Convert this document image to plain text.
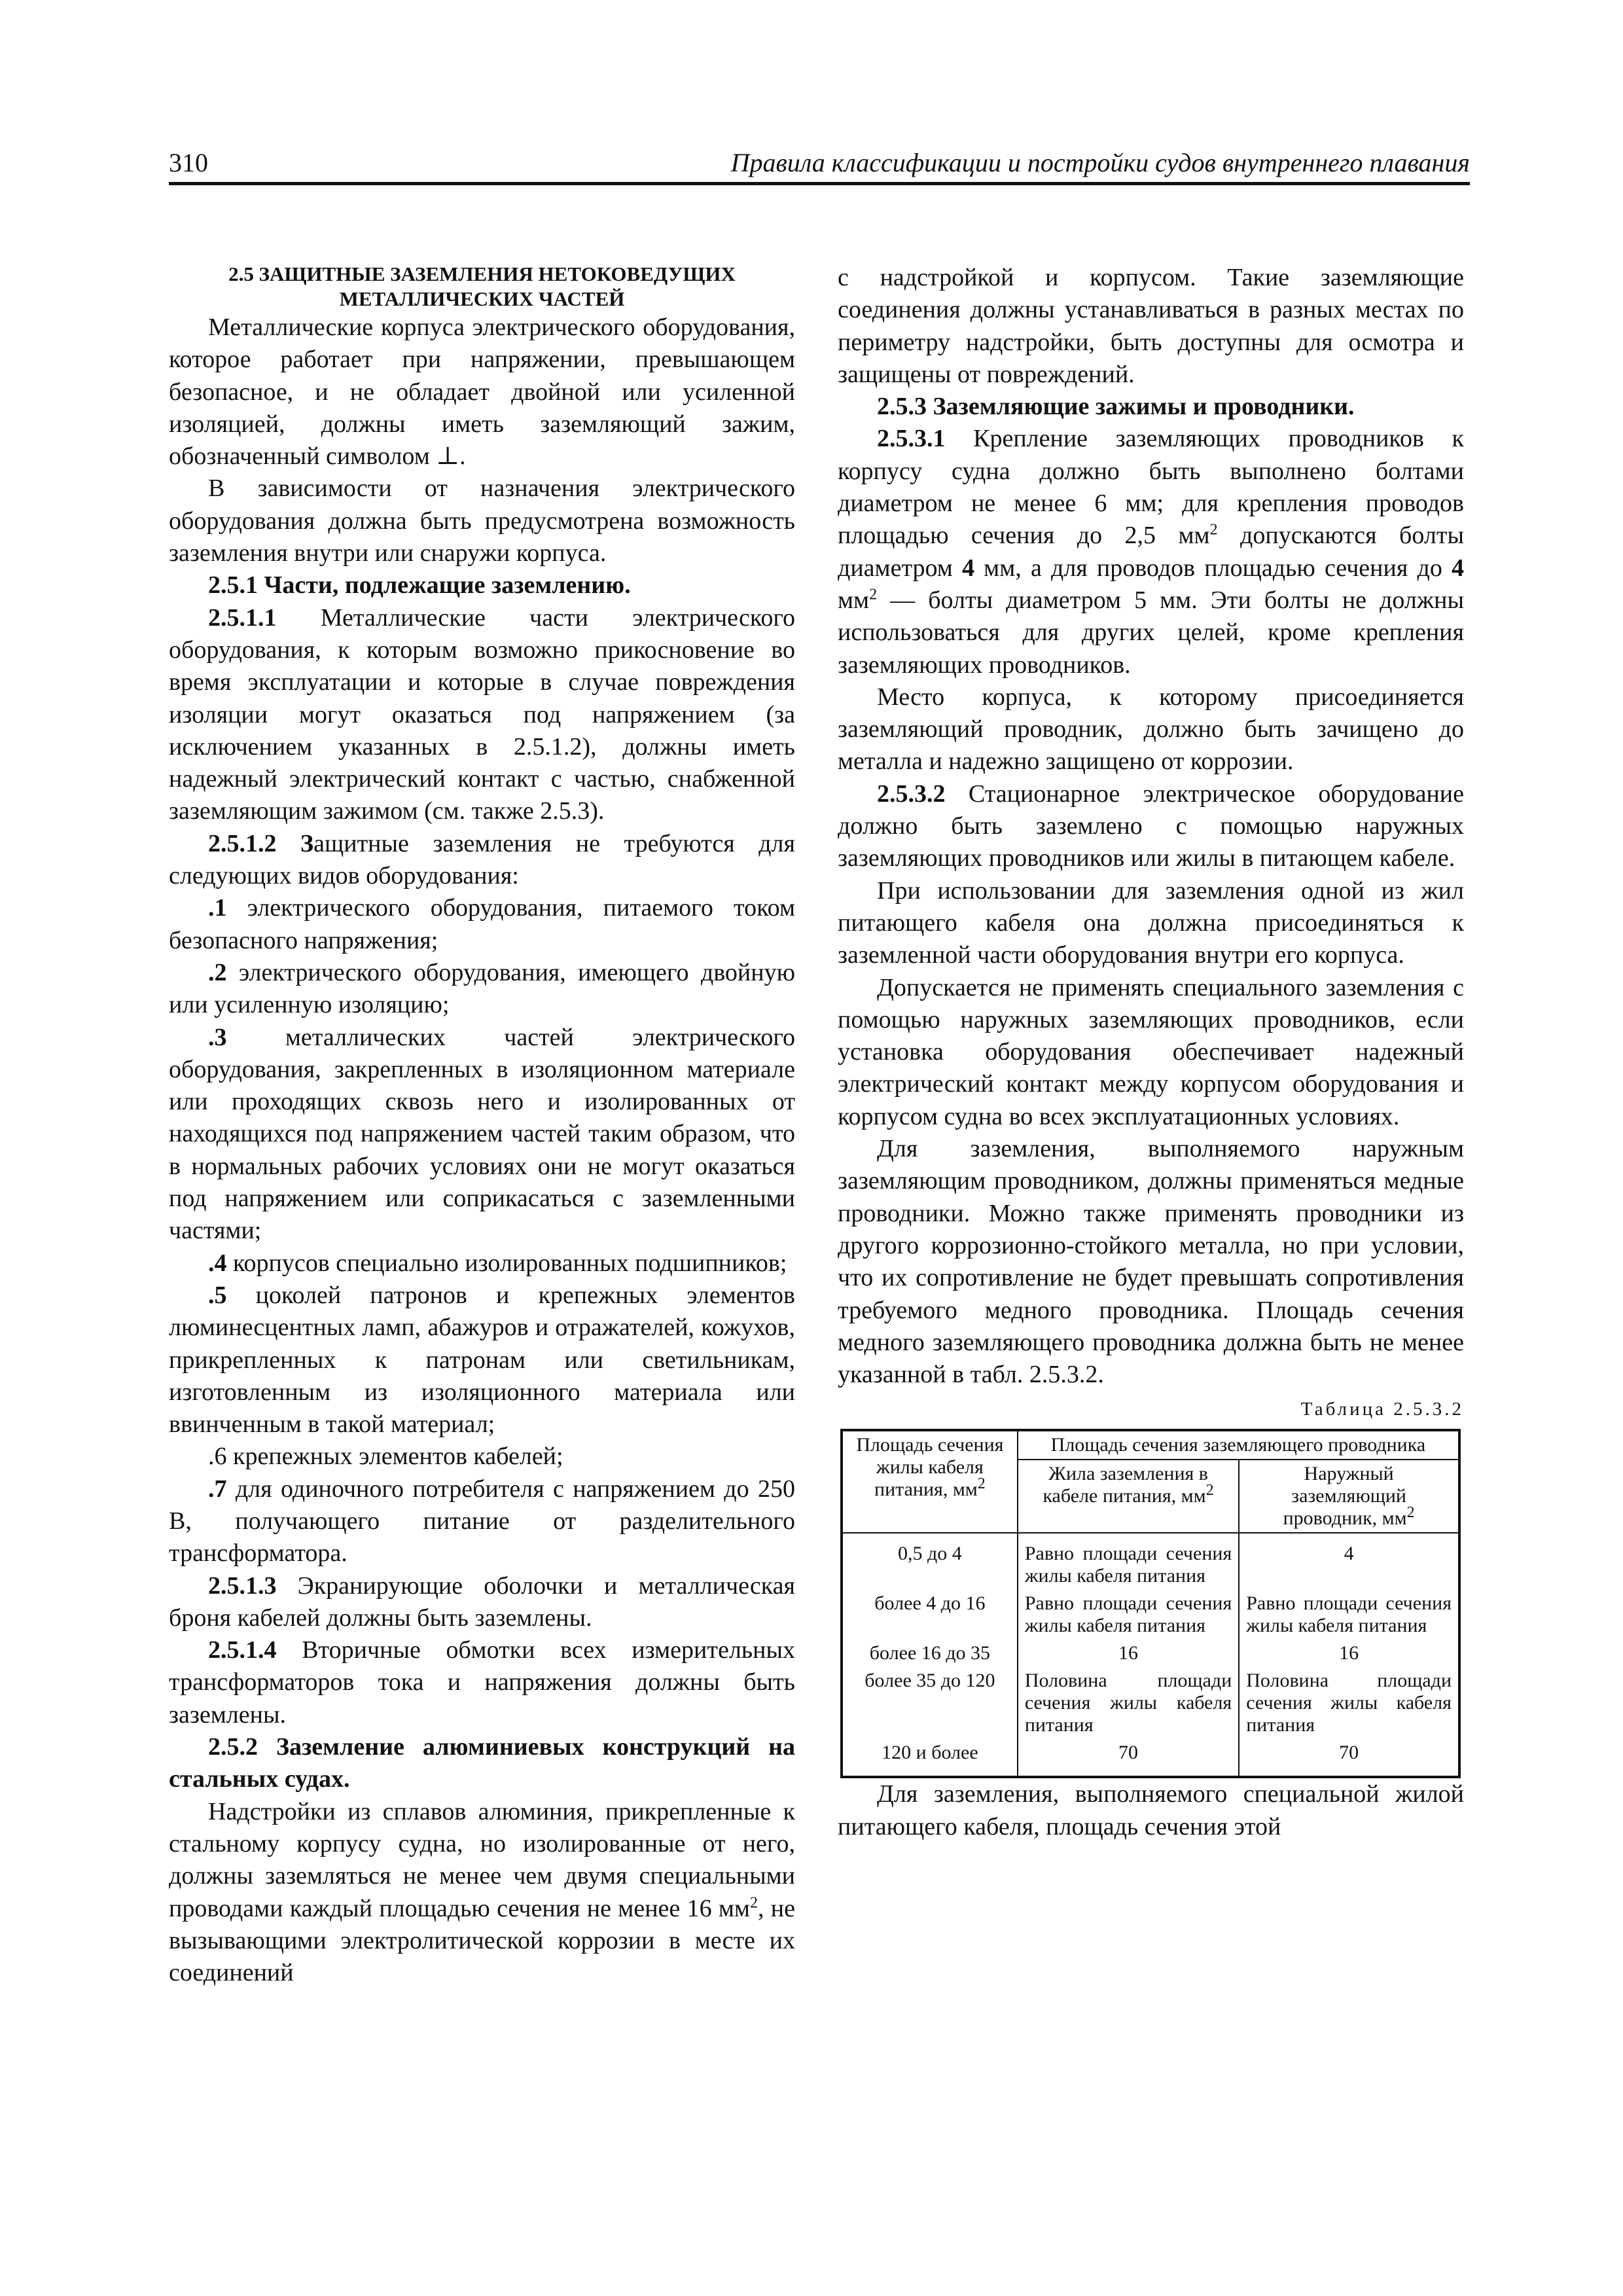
310	Правила классификации и постройки судов внутреннего плавания

2.5 ЗАЩИТНЫЕ ЗАЗЕМЛЕНИЯ НЕТОКОВЕДУЩИХ МЕТАЛЛИЧЕСКИХ ЧАСТЕЙ

Металлические корпуса электрического оборудования, которое работает при напряжении, превышающем безопасное, и не обладает двойной или усиленной изоляцией, должны иметь заземляющий зажим, обозначенный символом ⊥.

В зависимости от назначения электрического оборудования должна быть предусмотрена возможность заземления внутри или снаружи корпуса.

2.5.1 Части, подлежащие заземлению.

2.5.1.1 Металлические части электрического оборудования, к которым возможно прикосновение во время эксплуатации и которые в случае повреждения изоляции могут оказаться под напряжением (за исключением указанных в 2.5.1.2), должны иметь надежный электрический контакт с частью, снабженной заземляющим зажимом (см. также 2.5.3).

2.5.1.2 Защитные заземления не требуются для следующих видов оборудования:

.1 электрического оборудования, питаемого током безопасного напряжения;

.2 электрического оборудования, имеющего двойную или усиленную изоляцию;

.3 металлических частей электрического оборудования, закрепленных в изоляционном материале или проходящих сквозь него и изолированных от находящихся под напряжением частей таким образом, что в нормальных рабочих условиях они не могут оказаться под напряжением или соприкасаться с заземленными частями;

.4 корпусов специально изолированных подшипников;

.5 цоколей патронов и крепежных элементов люминесцентных ламп, абажуров и отражателей, кожухов, прикрепленных к патронам или светильникам, изготовленным из изоляционного материала или ввинченным в такой материал;

.6 крепежных элементов кабелей;

.7 для одиночного потребителя с напряжением до 250 В, получающего питание от разделительного трансформатора.

2.5.1.3 Экранирующие оболочки и металлическая броня кабелей должны быть заземлены.

2.5.1.4 Вторичные обмотки всех измерительных трансформаторов тока и напряжения должны быть заземлены.

2.5.2 Заземление алюминиевых конструкций на стальных судах.

Надстройки из сплавов алюминия, прикрепленные к стальному корпусу судна, но изолированные от него, должны заземляться не менее чем двумя специальными проводами каждый площадью сечения не менее 16 $мм^2$, не вызывающими электролитической коррозии в месте их соединений

с надстройкой и корпусом. Такие заземляющие соединения должны устанавливаться в разных местах по периметру надстройки, быть доступны для осмотра и защищены от повреждений.

2.5.3 Заземляющие зажимы и проводники.

2.5.3.1 Крепление заземляющих проводников к корпусу судна должно быть выполнено болтами диаметром не менее 6 мм; для крепления проводов площадью сечения до 2,5 $мм^2$ допускаются болты диаметром 4 мм, а для проводов площадью сечения до 4 $мм^2$ — болты диаметром 5 мм. Эти болты не должны использоваться для других целей, кроме крепления заземляющих проводников.

Место корпуса, к которому присоединяется заземляющий проводник, должно быть зачищено до металла и надежно защищено от коррозии.

2.5.3.2 Стационарное электрическое оборудование должно быть заземлено с помощью наружных заземляющих проводников или жилы в питающем кабеле.

При использовании для заземления одной из жил питающего кабеля она должна присоединяться к заземленной части оборудования внутри его корпуса.

Допускается не применять специального заземления с помощью наружных заземляющих проводников, если установка оборудования обеспечивает надежный электрический контакт между корпусом оборудования и корпусом судна во всех эксплуатационных условиях.

Для заземления, выполняемого наружным заземляющим проводником, должны применяться медные проводники. Можно также применять проводники из другого коррозионно-стойкого металла, но при условии, что их сопротивление не будет превышать сопротивления требуемого медного проводника. Площадь сечения медного заземляющего проводника должна быть не менее указанной в табл. 2.5.3.2.

Таблица 2.5.3.2
Площадь сечения жилы кабеля питания, $мм^2$	Площадь сечения заземляющего проводника	
	Жила заземления в кабеле питания, $мм^2$	Наружный заземляющий проводник, $мм^2$
0,5 до 4	Равно площади сечения жилы кабеля питания	4
более 4 до 16	Равно площади сечения жилы кабеля питания	Равно площади сечения жилы кабеля питания
более 16 до 35	16	16
более 35 до 120	Половина площади сечения жилы кабеля питания	Половина площади сечения жилы кабеля питания
120 и более	70	70

Для заземления, выполняемого специальной жилой питающего кабеля, площадь сечения этой
